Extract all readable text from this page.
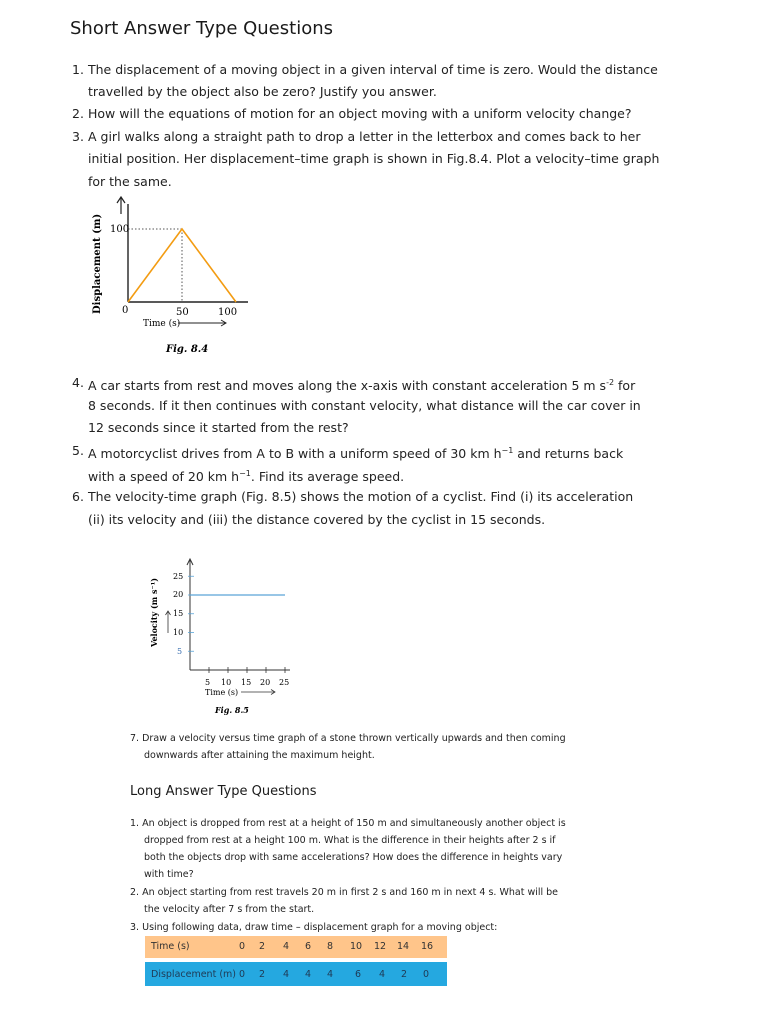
Short Answer Type Questions
1. The displacement of a moving object in a given interval of time is zero. Would the distance
travelled by the object also be zero? Justify you answer.
2. How will the equations of motion for an object moving with a uniform velocity change?
3. A girl walks along a straight path to drop a letter in the letterbox and comes back to her
initial position. Her displacement–time graph is shown in Fig.8.4. Plot a velocity–time graph
for the same.
100
0	50	100
Time (s)
Displacement (m)
Fig. 8.4
4. A car starts from rest and moves along the x-axis with constant acceleration 5 m $s^{-2}$ for
8 seconds. If it then continues with constant velocity, what distance will the car cover in
12 seconds since it started from the rest?
5. A motorcyclist drives from A to B with a uniform speed of 30 km $h^{-1}$ and returns back
with a speed of 20 km $h^{-1}$. Find its average speed.
6. The velocity-time graph (Fig. 8.5) shows the motion of a cyclist. Find (i) its acceleration
(ii) its velocity and (iii) the distance covered by the cyclist in 15 seconds.
25
20
15
10
5
5 10 15 20 25
Time (s)
Velocity (m s⁻¹)
Fig. 8.5
7. Draw a velocity versus time graph of a stone thrown vertically upwards and then coming
downwards after attaining the maximum height.
Long Answer Type Questions
1. An object is dropped from rest at a height of 150 m and simultaneously another object is
dropped from rest at a height 100 m. What is the difference in their heights after 2 s if
both the objects drop with same accelerations? How does the difference in heights vary
with time?
2. An object starting from rest travels 20 m in first 2 s and 160 m in next 4 s. What will be
the velocity after 7 s from the start.
3. Using following data, draw time – displacement graph for a moving object:
Time (s)	0 2 4 6 8 10 12 14 16
Displacement (m) 0 2 4 4 4 6 4 2 0
